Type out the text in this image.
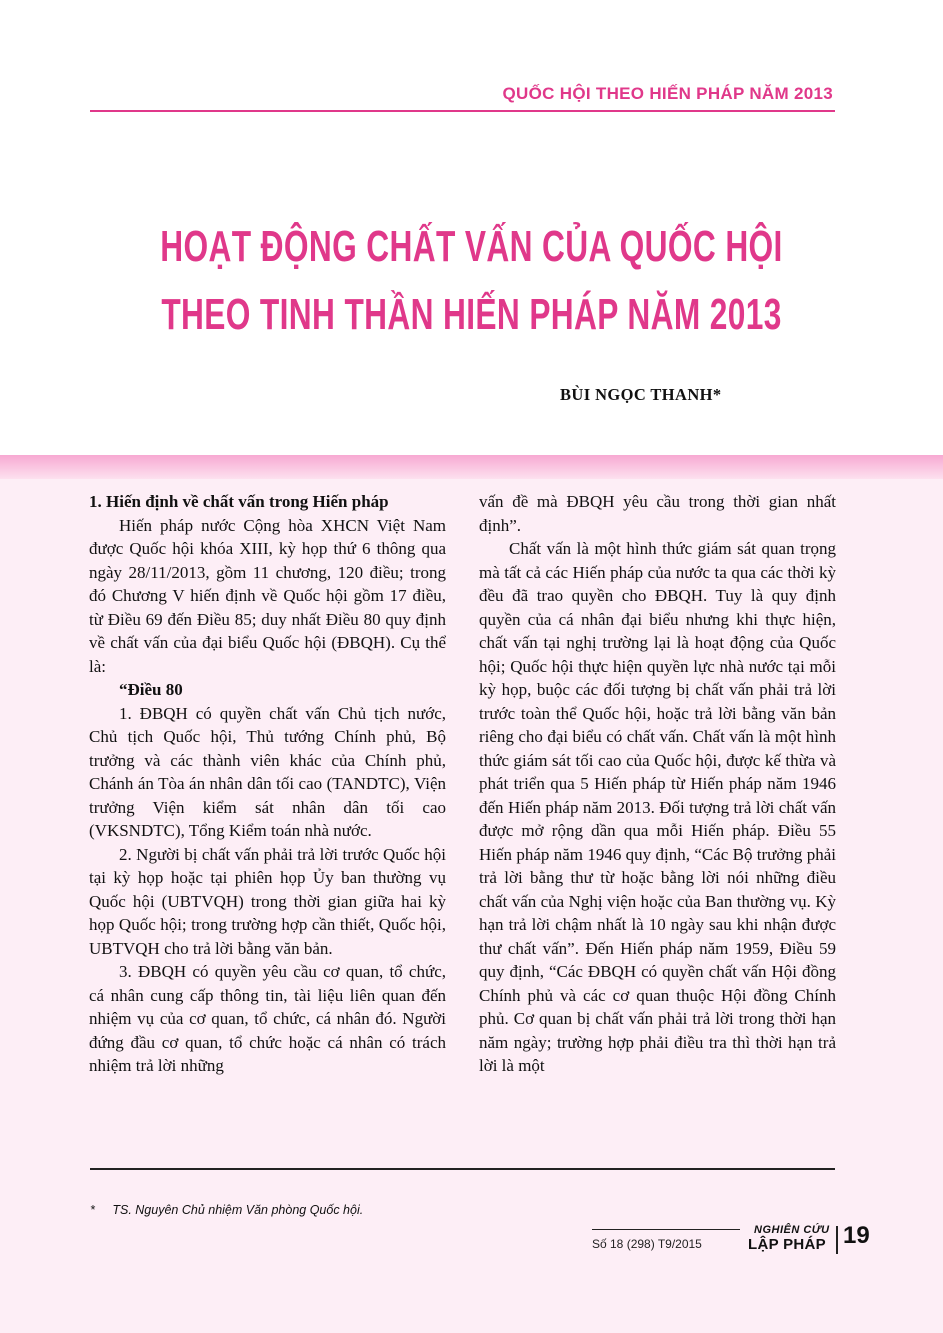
QUỐC HỘI THEO HIẾN PHÁP NĂM 2013
HOẠT ĐỘNG CHẤT VẤN CỦA QUỐC HỘI
THEO TINH THẦN HIẾN PHÁP NĂM 2013
BÙI NGỌC THANH*

1. Hiến định về chất vấn trong Hiến pháp

Hiến pháp nước Cộng hòa XHCN Việt Nam được Quốc hội khóa XIII, kỳ họp thứ 6 thông qua ngày 28/11/2013, gồm 11 chương, 120 điều; trong đó Chương V hiến định về Quốc hội gồm 17 điều, từ Điều 69 đến Điều 85; duy nhất Điều 80 quy định về chất vấn của đại biểu Quốc hội (ĐBQH). Cụ thể là:

“Điều 80

1. ĐBQH có quyền chất vấn Chủ tịch nước, Chủ tịch Quốc hội, Thủ tướng Chính phủ, Bộ trưởng và các thành viên khác của Chính phủ, Chánh án Tòa án nhân dân tối cao (TANDTC), Viện trưởng Viện kiểm sát nhân dân tối cao (VKSNDTC), Tổng Kiểm toán nhà nước.

2. Người bị chất vấn phải trả lời trước Quốc hội tại kỳ họp hoặc tại phiên họp Ủy ban thường vụ Quốc hội (UBTVQH) trong thời gian giữa hai kỳ họp Quốc hội; trong trường hợp cần thiết, Quốc hội, UBTVQH cho trả lời bằng văn bản.

3. ĐBQH có quyền yêu cầu cơ quan, tổ chức, cá nhân cung cấp thông tin, tài liệu liên quan đến nhiệm vụ của cơ quan, tổ chức, cá nhân đó. Người đứng đầu cơ quan, tổ chức hoặc cá nhân có trách nhiệm trả lời những

vấn đề mà ĐBQH yêu cầu trong thời gian nhất định”.

Chất vấn là một hình thức giám sát quan trọng mà tất cả các Hiến pháp của nước ta qua các thời kỳ đều đã trao quyền cho ĐBQH. Tuy là quy định quyền của cá nhân đại biểu nhưng khi thực hiện, chất vấn tại nghị trường lại là hoạt động của Quốc hội; Quốc hội thực hiện quyền lực nhà nước tại mỗi kỳ họp, buộc các đối tượng bị chất vấn phải trả lời trước toàn thể Quốc hội, hoặc trả lời bằng văn bản riêng cho đại biểu có chất vấn. Chất vấn là một hình thức giám sát tối cao của Quốc hội, được kế thừa và phát triển qua 5 Hiến pháp từ Hiến pháp năm 1946 đến Hiến pháp năm 2013. Đối tượng trả lời chất vấn được mở rộng dần qua mỗi Hiến pháp. Điều 55 Hiến pháp năm 1946 quy định, “Các Bộ trưởng phải trả lời bằng thư từ hoặc bằng lời nói những điều chất vấn của Nghị viện hoặc của Ban thường vụ. Kỳ hạn trả lời chậm nhất là 10 ngày sau khi nhận được thư chất vấn”. Đến Hiến pháp năm 1959, Điều 59 quy định, “Các ĐBQH có quyền chất vấn Hội đồng Chính phủ và các cơ quan thuộc Hội đồng Chính phủ. Cơ quan bị chất vấn phải trả lời trong thời hạn năm ngày; trường hợp phải điều tra thì thời hạn trả lời là một

* TS. Nguyên Chủ nhiệm Văn phòng Quốc hội.
Số 18 (298) T9/2015
NGHIÊN CỨU
LẬP PHÁP 19
